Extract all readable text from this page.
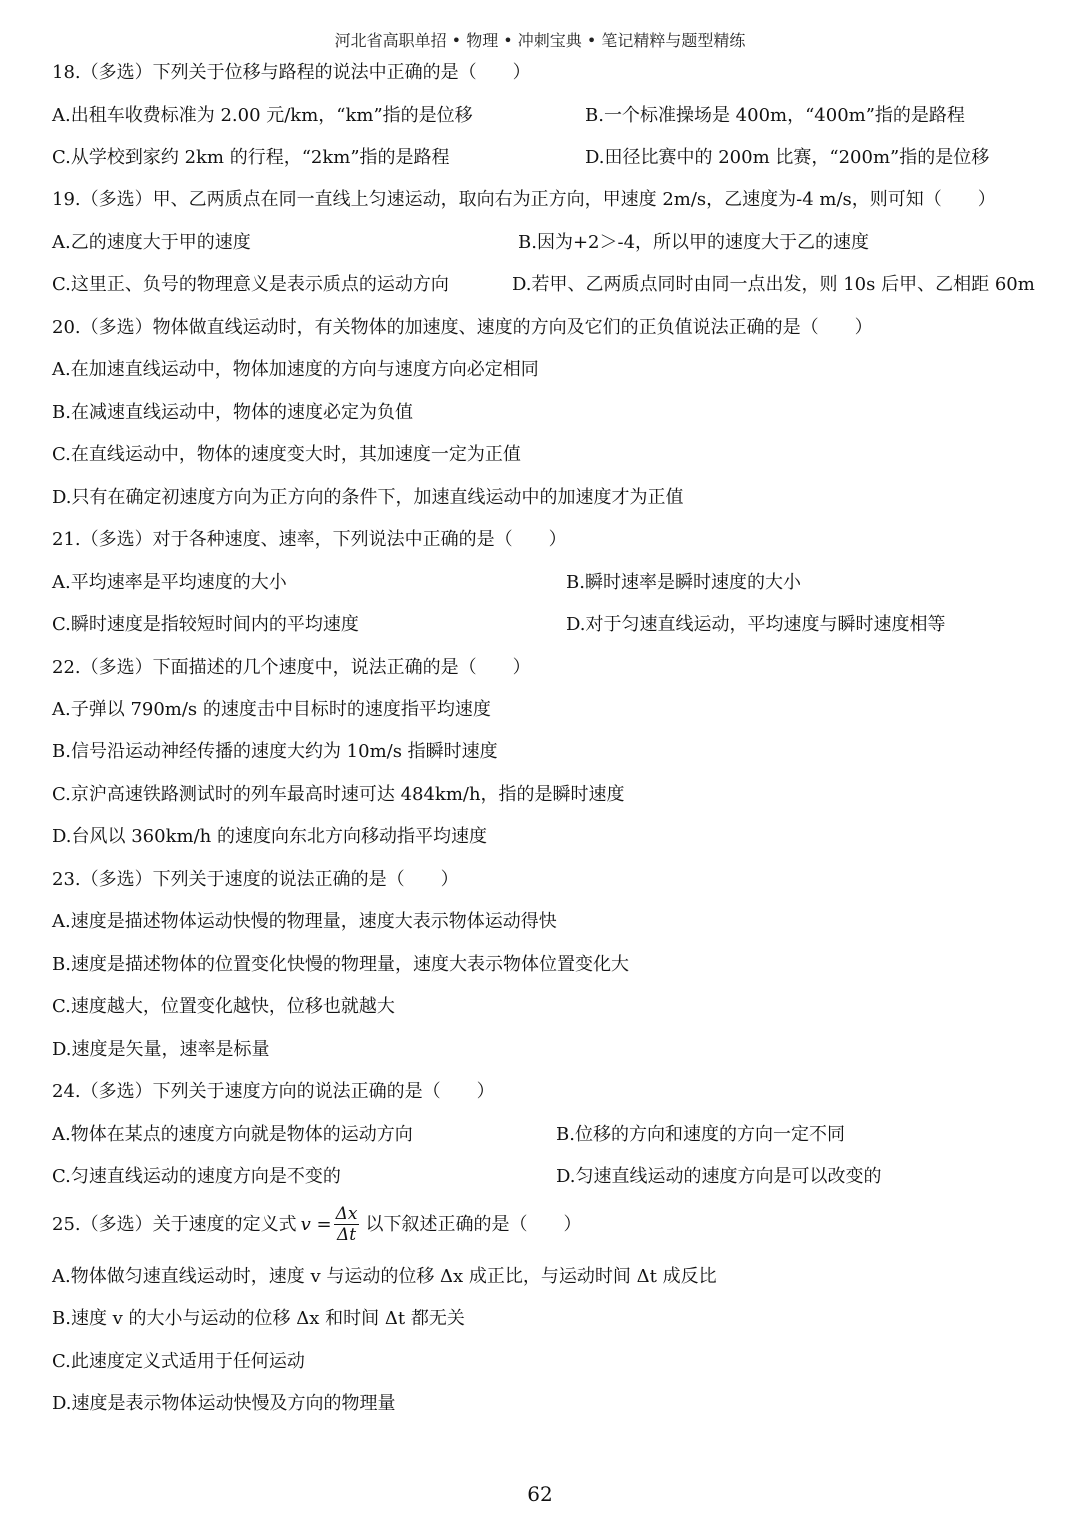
河北省高职单招 • 物理 • 冲刺宝典 • 笔记精粹与题型精练
18.（多选）下列关于位移与路程的说法中正确的是（　　）
A.出租车收费标准为 2.00 元/km，“km”指的是位移	B.一个标准操场是 400m，“400m”指的是路程
C.从学校到家约 2km 的行程，“2km”指的是路程	D.田径比赛中的 200m 比赛，“200m”指的是位移
19.（多选）甲、乙两质点在同一直线上匀速运动，取向右为正方向，甲速度 2m/s，乙速度为-4 m/s，则可知（　　）
A.乙的速度大于甲的速度	B.因为+2＞-4，所以甲的速度大于乙的速度
C.这里正、负号的物理意义是表示质点的运动方向	D.若甲、乙两质点同时由同一点出发，则 10s 后甲、乙相距 60m
20.（多选）物体做直线运动时，有关物体的加速度、速度的方向及它们的正负值说法正确的是（　　）
A.在加速直线运动中，物体加速度的方向与速度方向必定相同
B.在减速直线运动中，物体的速度必定为负值
C.在直线运动中，物体的速度变大时，其加速度一定为正值
D.只有在确定初速度方向为正方向的条件下，加速直线运动中的加速度才为正值
21.（多选）对于各种速度、速率，下列说法中正确的是（　　）
A.平均速率是平均速度的大小	B.瞬时速率是瞬时速度的大小
C.瞬时速度是指较短时间内的平均速度	D.对于匀速直线运动，平均速度与瞬时速度相等
22.（多选）下面描述的几个速度中，说法正确的是（　　）
A.子弹以 790m/s 的速度击中目标时的速度指平均速度
B.信号沿运动神经传播的速度大约为 10m/s 指瞬时速度
C.京沪高速铁路测试时的列车最高时速可达 484km/h，指的是瞬时速度
D.台风以 360km/h 的速度向东北方向移动指平均速度
23.（多选）下列关于速度的说法正确的是（　　）
A.速度是描述物体运动快慢的物理量，速度大表示物体运动得快
B.速度是描述物体的位置变化快慢的物理量，速度大表示物体位置变化大
C.速度越大，位置变化越快，位移也就越大
D.速度是矢量，速率是标量
24.（多选）下列关于速度方向的说法正确的是（　　）
A.物体在某点的速度方向就是物体的运动方向	B.位移的方向和速度的方向一定不同
C.匀速直线运动的速度方向是不变的	D.匀速直线运动的速度方向是可以改变的
25.（多选）关于速度的定义式 $v = \frac{\Delta x}{\Delta t}$ 以下叙述正确的是（　　）
A.物体做匀速直线运动时，速度 v 与运动的位移 Δx 成正比，与运动时间 Δt 成反比
B.速度 v 的大小与运动的位移 Δx 和时间 Δt 都无关
C.此速度定义式适用于任何运动
D.速度是表示物体运动快慢及方向的物理量
62
